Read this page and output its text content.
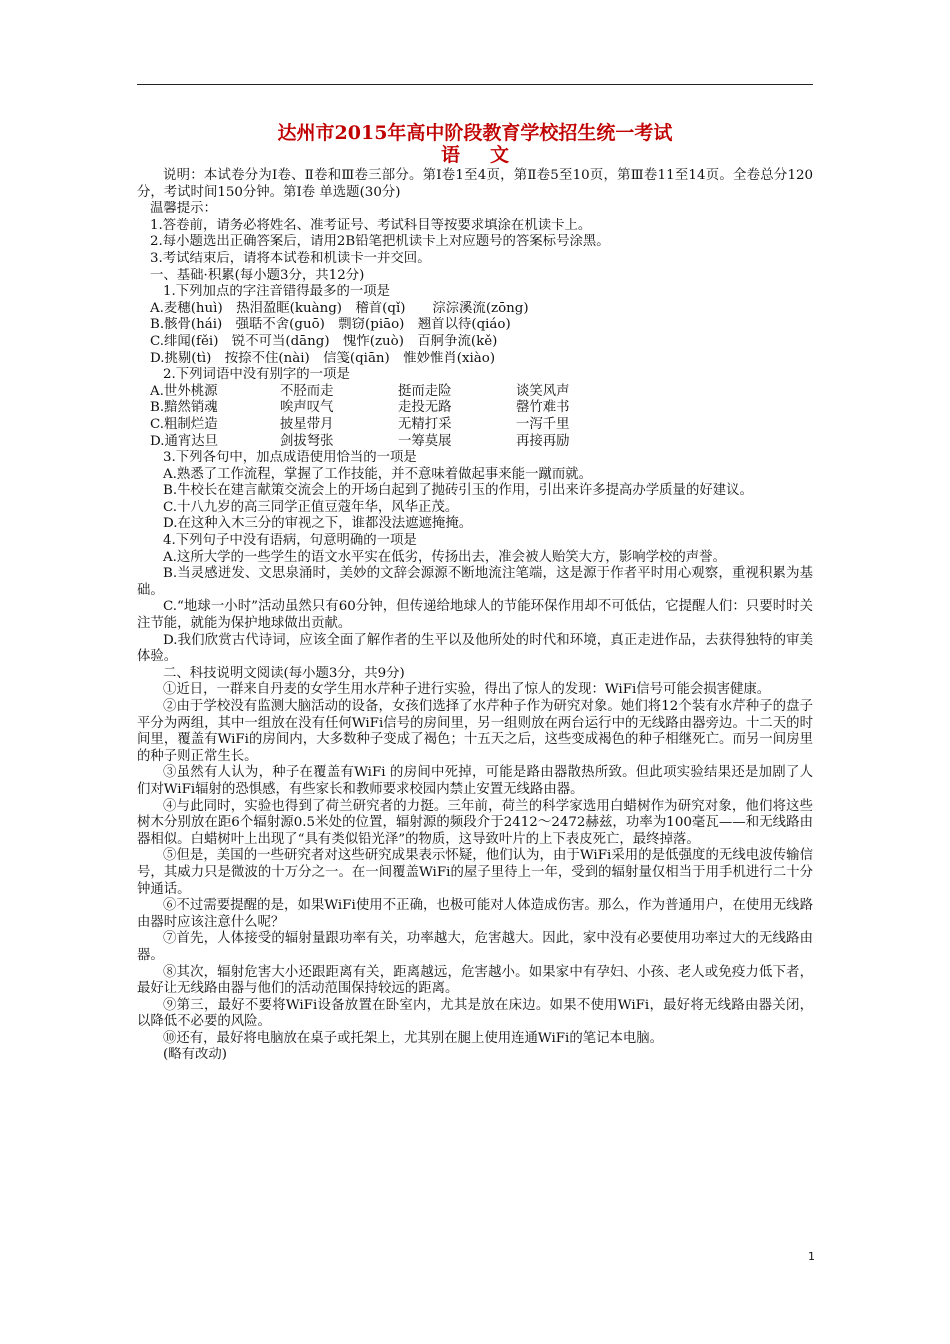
达州市2015年高中阶段教育学校招生统一考试

语文

说明：本试卷分为Ⅰ卷、Ⅱ卷和Ⅲ卷三部分。第Ⅰ卷1至4页，第Ⅱ卷5至10页，第Ⅲ卷11至14页。全卷总分120分，考试时间150分钟。第Ⅰ卷 单选题(30分)

温馨提示：

1.答卷前，请务必将姓名、准考证号、考试科目等按要求填涂在机读卡上。

2.每小题选出正确答案后，请用2B铅笔把机读卡上对应题号的答案标号涂黑。

3.考试结束后，请将本试卷和机读卡一并交回。

一、基础·积累(每小题3分，共12分)

1.下列加点的字注音错得最多的一项是

A.麦穗(huì)　热泪盈眶(kuàng)　稽首(qǐ)　　淙淙溪流(zōng)

B.骸骨(hái)　强聒不舍(guō)　剽窃(piāo)　翘首以待(qiáo)

C.绯闻(fěi)　锐不可当(dāng)　愧怍(zuò)　百舸争流(kě)

D.挑剔(tì)　按捺不住(nài)　信笺(qiān)　惟妙惟肖(xiào)

2.下列词语中没有别字的一项是

A.世外桃源	不胫而走	挺而走险	谈笑风声
B.黯然销魂	唉声叹气	走投无路	罄竹难书
C.粗制烂造	披星带月	无精打采	一泻千里
D.通宵达旦	剑拔弩张	一筹莫展	再接再励

3.下列各句中，加点成语使用恰当的一项是

A.熟悉了工作流程，掌握了工作技能，并不意味着做起事来能一蹴而就。

B.牛校长在建言献策交流会上的开场白起到了抛砖引玉的作用，引出来许多提高办学质量的好建议。

C.十八九岁的高三同学正值豆蔻年华，风华正茂。

D.在这种入木三分的审视之下，谁都没法遮遮掩掩。

4.下列句子中没有语病，句意明确的一项是

A.这所大学的一些学生的语文水平实在低劣，传扬出去，准会被人贻笑大方，影响学校的声誉。

B.当灵感迸发、文思泉涌时，美妙的文辞会源源不断地流注笔端，这是源于作者平时用心观察，重视积累为基础。

C.“地球一小时”活动虽然只有60分钟，但传递给地球人的节能环保作用却不可低估，它提醒人们：只要时时关注节能，就能为保护地球做出贡献。

D.我们欣赏古代诗词，应该全面了解作者的生平以及他所处的时代和环境，真正走进作品，去获得独特的审美体验。

二、科技说明文阅读(每小题3分，共9分)

①近日，一群来自丹麦的女学生用水芹种子进行实验，得出了惊人的发现：WiFi信号可能会损害健康。

②由于学校没有监测大脑活动的设备，女孩们选择了水芹种子作为研究对象。她们将12个装有水芹种子的盘子平分为两组，其中一组放在没有任何WiFi信号的房间里，另一组则放在两台运行中的无线路由器旁边。十二天的时间里，覆盖有WiFi的房间内，大多数种子变成了褐色；十五天之后，这些变成褐色的种子相继死亡。而另一间房里的种子则正常生长。

③虽然有人认为，种子在覆盖有WiFi 的房间中死掉，可能是路由器散热所致。但此项实验结果还是加剧了人们对WiFi辐射的恐惧感，有些家长和教师要求校园内禁止安置无线路由器。

④与此同时，实验也得到了荷兰研究者的力挺。三年前，荷兰的科学家选用白蜡树作为研究对象，他们将这些树木分别放在距6个辐射源0.5米处的位置，辐射源的频段介于2412～2472赫兹，功率为100毫瓦——和无线路由器相似。白蜡树叶上出现了“具有类似铅光泽”的物质，这导致叶片的上下表皮死亡，最终掉落。

⑤但是，美国的一些研究者对这些研究成果表示怀疑，他们认为，由于WiFi采用的是低强度的无线电波传输信号，其威力只是微波的十万分之一。在一间覆盖WiFi的屋子里待上一年，受到的辐射量仅相当于用手机进行二十分钟通话。

⑥不过需要提醒的是，如果WiFi使用不正确，也极可能对人体造成伤害。那么，作为普通用户，在使用无线路由器时应该注意什么呢？

⑦首先，人体接受的辐射量跟功率有关，功率越大，危害越大。因此，家中没有必要使用功率过大的无线路由器。

⑧其次，辐射危害大小还跟距离有关，距离越远，危害越小。如果家中有孕妇、小孩、老人或免疫力低下者，最好让无线路由器与他们的活动范围保持较远的距离。

⑨第三，最好不要将WiFi设备放置在卧室内，尤其是放在床边。如果不使用WiFi，最好将无线路由器关闭，以降低不必要的风险。

⑩还有，最好将电脑放在桌子或托架上，尤其别在腿上使用连通WiFi的笔记本电脑。

(略有改动)

1
